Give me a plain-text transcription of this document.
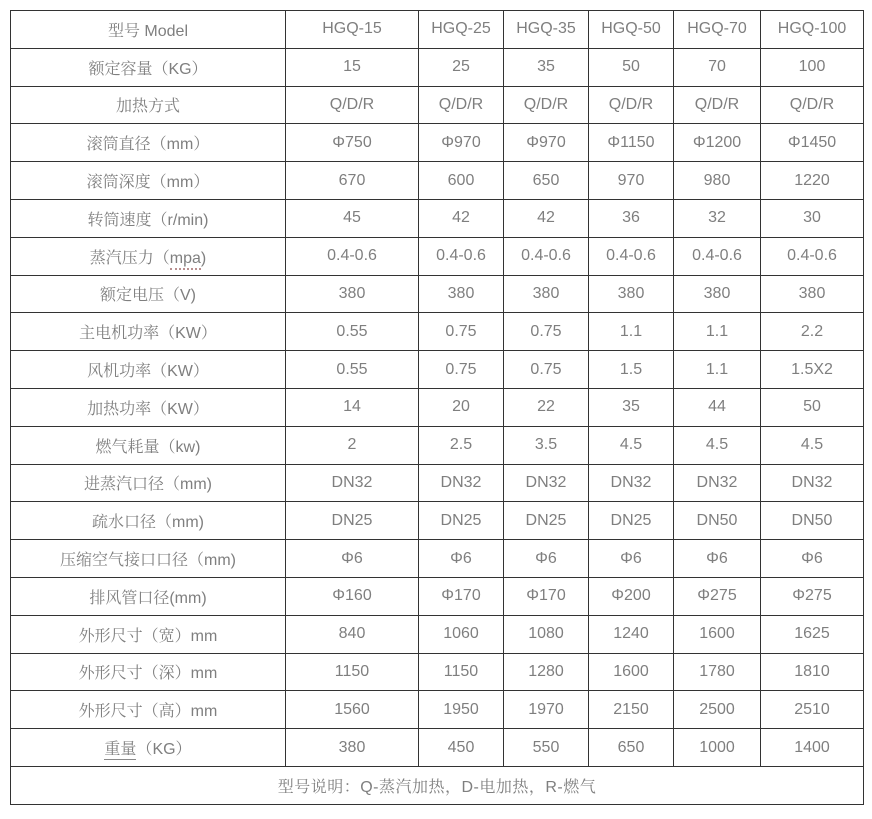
型号 Model	HGQ-15	HGQ-25	HGQ-35	HGQ-50	HGQ-70	HGQ-100
额定容量（KG）	15	25	35	50	70	100
加热方式	Q/D/R	Q/D/R	Q/D/R	Q/D/R	Q/D/R	Q/D/R
滚筒直径（mm）	Φ750	Φ970	Φ970	Φ1150	Φ1200	Φ1450
滚筒深度（mm）	670	600	650	970	980	1220
转筒速度（r/min)	45	42	42	36	32	30
蒸汽压力（mpa)	0.4-0.6	0.4-0.6	0.4-0.6	0.4-0.6	0.4-0.6	0.4-0.6
额定电压（V)	380	380	380	380	380	380
主电机功率（KW）	0.55	0.75	0.75	1.1	1.1	2.2
风机功率（KW）	0.55	0.75	0.75	1.5	1.1	1.5X2
加热功率（KW）	14	20	22	35	44	50
燃气耗量（kw)	2	2.5	3.5	4.5	4.5	4.5
进蒸汽口径（mm)	DN32	DN32	DN32	DN32	DN32	DN32
疏水口径（mm)	DN25	DN25	DN25	DN25	DN50	DN50
压缩空气接口口径（mm)	Φ6	Φ6	Φ6	Φ6	Φ6	Φ6
排风管口径(mm)	Φ160	Φ170	Φ170	Φ200	Φ275	Φ275
外形尺寸（宽）mm	840	1060	1080	1240	1600	1625
外形尺寸（深）mm	1150	1150	1280	1600	1780	1810
外形尺寸（高）mm	1560	1950	1970	2150	2500	2510
重量（KG）	380	450	550	650	1000	1400
型号说明：Q-蒸汽加热，D-电加热，R-燃气						
